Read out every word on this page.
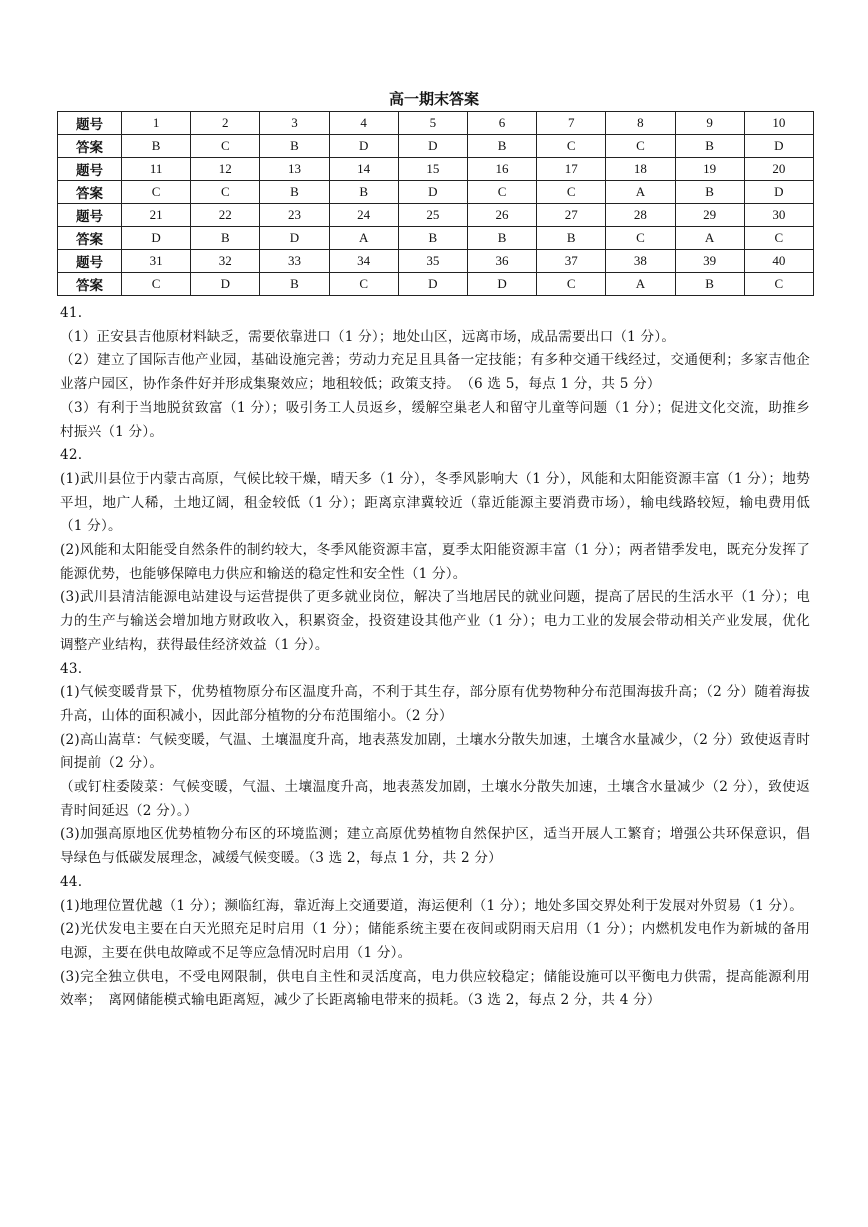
高一期末答案
题号	1	2	3	4	5	6	7	8	9	10
答案	B	C	B	D	D	B	C	C	B	D
题号	11	12	13	14	15	16	17	18	19	20
答案	C	C	B	B	D	C	C	A	B	D
题号	21	22	23	24	25	26	27	28	29	30
答案	D	B	D	A	B	B	B	C	A	C
题号	31	32	33	34	35	36	37	38	39	40
答案	C	D	B	C	D	D	C	A	B	C

41.

（1）正安县吉他原材料缺乏，需要依靠进口（1 分）；地处山区，远离市场，成品需要出口（1 分）。

（2）建立了国际吉他产业园，基础设施完善；劳动力充足且具备一定技能；有多种交通干线经过，交通便利；多家吉他企业落户园区，协作条件好并形成集聚效应；地租较低；政策支持。　（6 选 5，每点 1 分，共 5 分）

（3）有利于当地脱贫致富（1 分）；吸引务工人员返乡，缓解空巢老人和留守儿童等问题（1 分）；促进文化交流，助推乡村振兴（1 分）。

42.

(1)武川县位于内蒙古高原，气候比较干燥，晴天多（1 分），冬季风影响大（1 分），风能和太阳能资源丰富（1 分）；地势平坦，地广人稀，土地辽阔，租金较低（1 分）；距离京津冀较近（靠近能源主要消费市场），输电线路较短，输电费用低（1 分）。

(2)风能和太阳能受自然条件的制约较大，冬季风能资源丰富，夏季太阳能资源丰富（1 分）；两者错季发电，既充分发挥了能源优势，也能够保障电力供应和输送的稳定性和安全性（1 分）。

(3)武川县清洁能源电站建设与运营提供了更多就业岗位，解决了当地居民的就业问题，提高了居民的生活水平（1 分）；电力的生产与输送会增加地方财政收入，积累资金，投资建设其他产业（1 分）；电力工业的发展会带动相关产业发展，优化调整产业结构，获得最佳经济效益（1 分）。

43.

(1)气候变暖背景下，优势植物原分布区温度升高，不利于其生存，部分原有优势物种分布范围海拔升高；（2 分）随着海拔升高，山体的面积减小，因此部分植物的分布范围缩小。（2 分）

(2)高山嵩草：气候变暖，气温、土壤温度升高，地表蒸发加剧，土壤水分散失加速，土壤含水量减少，（2 分）致使返青时间提前（2 分）。

（或钉柱委陵菜：气候变暖，气温、土壤温度升高，地表蒸发加剧，土壤水分散失加速，土壤含水量减少（2 分），致使返青时间延迟（2 分）。）

(3)加强高原地区优势植物分布区的环境监测；建立高原优势植物自然保护区，适当开展人工繁育；增强公共环保意识，倡导绿色与低碳发展理念，减缓气候变暖。（3 选 2，每点 1 分，共 2 分）

44.

(1)地理位置优越（1 分）；濒临红海，靠近海上交通要道，海运便利（1 分）；地处多国交界处利于发展对外贸易（1 分）。

(2)光伏发电主要在白天光照充足时启用（1 分）；储能系统主要在夜间或阴雨天启用（1 分）；内燃机发电作为新城的备用电源，主要在供电故障或不足等应急情况时启用（1 分）。

(3)完全独立供电，不受电网限制，供电自主性和灵活度高，电力供应较稳定；储能设施可以平衡电力供需，提高能源利用效率；　离网储能模式输电距离短，减少了长距离输电带来的损耗。（3 选 2，每点 2 分，共 4 分）
